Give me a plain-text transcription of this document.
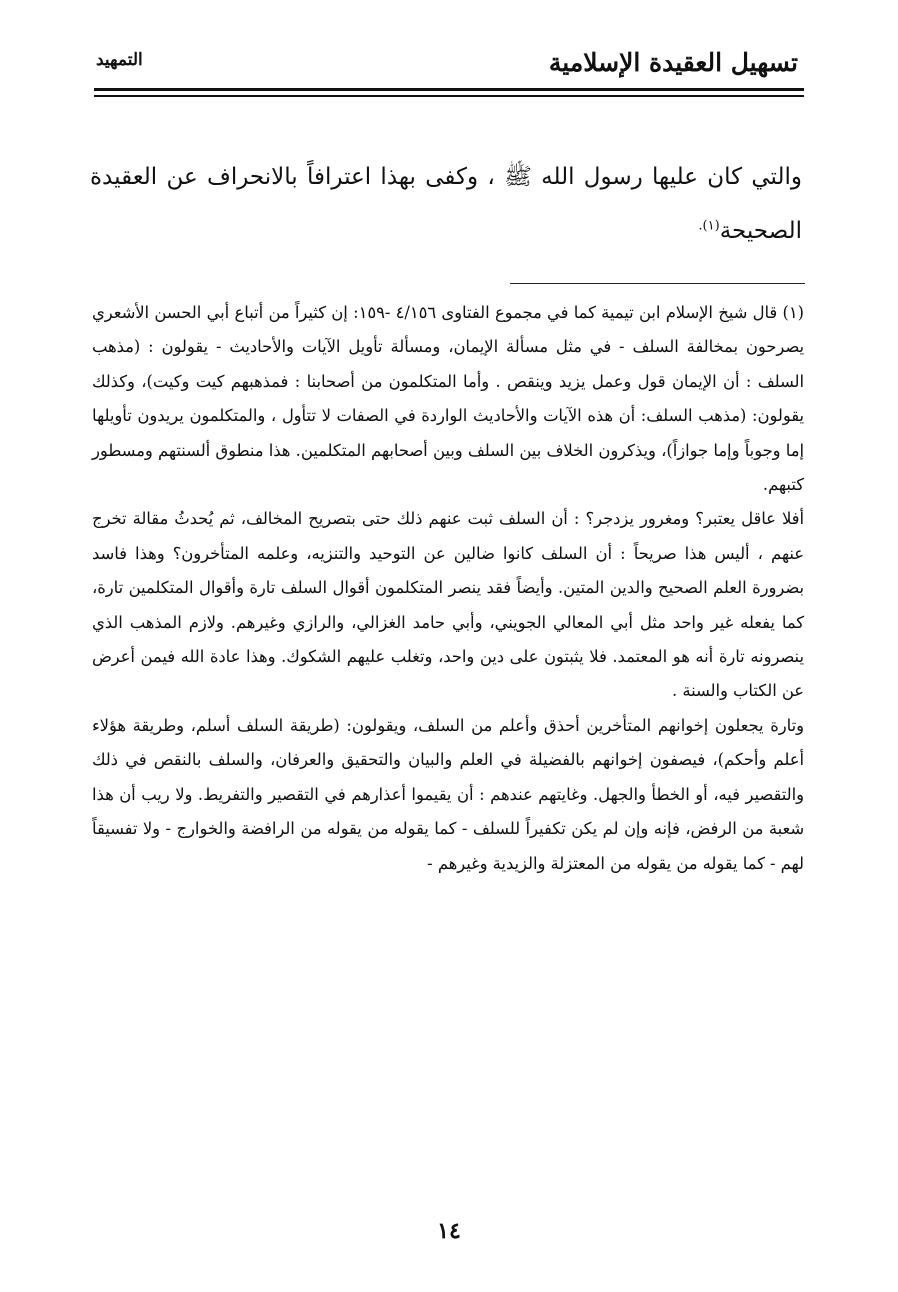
تسهيل العقيدة الإسلامية
التمهيد
والتي كان عليها رسول الله ﷺ ، وكفى بهذا اعترافاً بالانحراف عن العقيدة الصحيحة$^{(١).}$

(١) قال شيخ الإسلام ابن تيمية كما في مجموع الفتاوى ٤/١٥٦ -١٥٩: إن كثيراً من أتباع أبي الحسن الأشعري يصرحون بمخالفة السلف - في مثل مسألة الإيمان، ومسألة تأويل الآيات والأحاديث - يقولون : (مذهب السلف : أن الإيمان قول وعمل يزيد وينقص . وأما المتكلمون من أصحابنا : فمذهبهم كيت وكيت)، وكذلك يقولون: (مذهب السلف: أن هذه الآيات والأحاديث الواردة في الصفات لا تتأول ، والمتكلمون يريدون تأويلها إما وجوباً وإما جوازاً)، ويذكرون الخلاف بين السلف وبين أصحابهم المتكلمين. هذا منطوق ألسنتهم ومسطور كتبهم.

أفلا عاقل يعتبر؟ ومغرور يزدجر؟ : أن السلف ثبت عنهم ذلك حتى بتصريح المخالف، ثم يُحدثُ مقالة تخرج عنهم ، أليس هذا صريحاً : أن السلف كانوا ضالين عن التوحيد والتنزيه، وعلمه المتأخرون؟ وهذا فاسد بضرورة العلم الصحيح والدين المتين. وأيضاً فقد ينصر المتكلمون أقوال السلف تارة وأقوال المتكلمين تارة، كما يفعله غير واحد مثل أبي المعالي الجويني، وأبي حامد الغزالي، والرازي وغيرهم. ولازم المذهب الذي ينصرونه تارة أنه هو المعتمد. فلا يثبتون على دين واحد، وتغلب عليهم الشكوك. وهذا عادة الله فيمن أعرض عن الكتاب والسنة .

وتارة يجعلون إخوانهم المتأخرين أحذق وأعلم من السلف، ويقولون: (طريقة السلف أسلم، وطريقة هؤلاء أعلم وأحكم)، فيصفون إخوانهم بالفضيلة في العلم والبيان والتحقيق والعرفان، والسلف بالنقص في ذلك والتقصير فيه، أو الخطأ والجهل. وغايتهم عندهم : أن يقيموا أعذارهم في التقصير والتفريط. ولا ريب أن هذا شعبة من الرفض، فإنه وإن لم يكن تكفيراً للسلف - كما يقوله من يقوله من الرافضة والخوارج - ولا تفسيقاً لهم - كما يقوله من يقوله من المعتزلة والزيدية وغيرهم -

١٤
